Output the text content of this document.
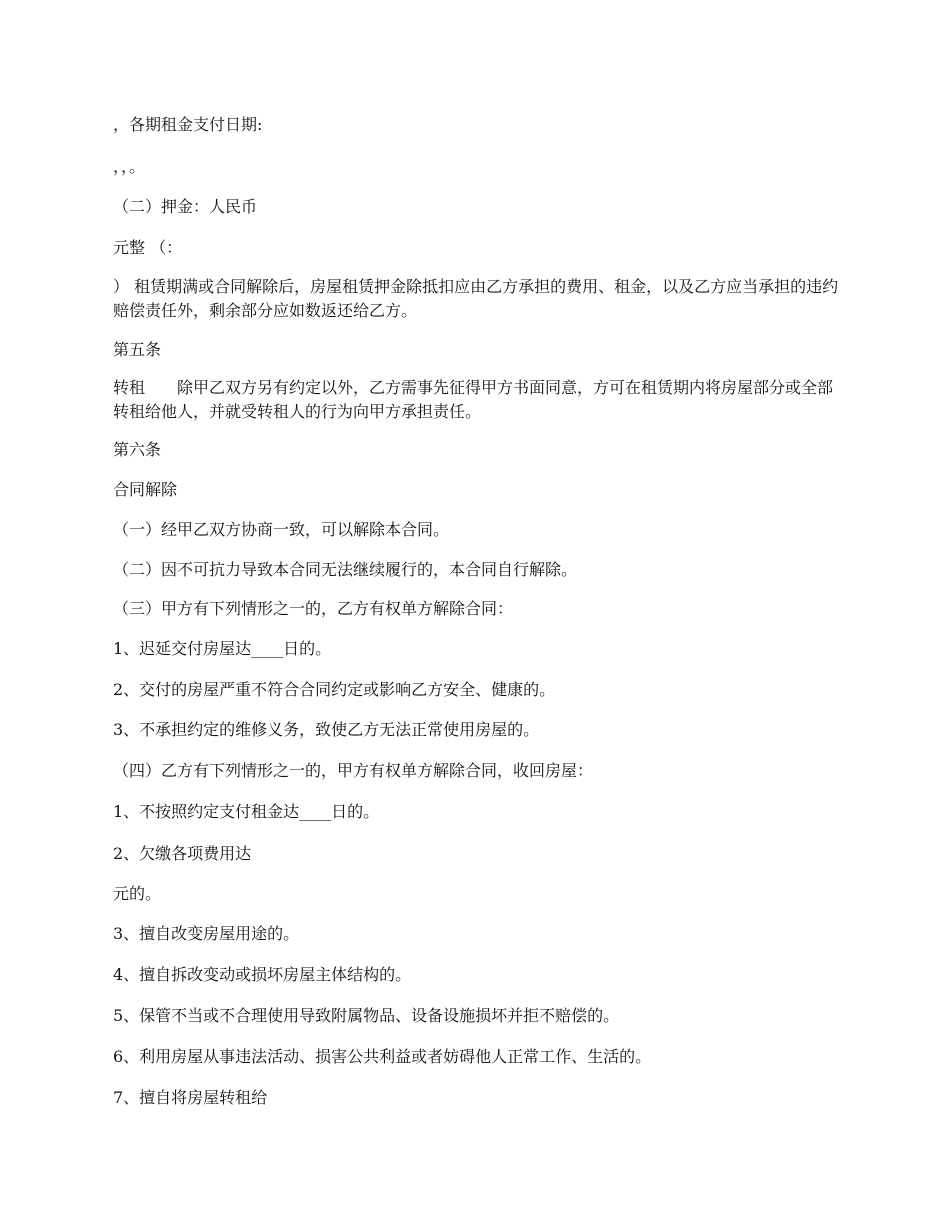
，各期租金支付日期:

，，。

（二）押金：人民币

元整 （：

） 租赁期满或合同解除后，房屋租赁押金除抵扣应由乙方承担的费用、租金，以及乙方应当承担的违约赔偿责任外，剩余部分应如数返还给乙方。

第五条

转租　　除甲乙双方另有约定以外，乙方需事先征得甲方书面同意，方可在租赁期内将房屋部分或全部转租给他人，并就受转租人的行为向甲方承担责任。

第六条

合同解除

（一）经甲乙双方协商一致，可以解除本合同。

（二）因不可抗力导致本合同无法继续履行的，本合同自行解除。

（三）甲方有下列情形之一的，乙方有权单方解除合同：

1、迟延交付房屋达____日的。

2、交付的房屋严重不符合合同约定或影响乙方安全、健康的。

3、不承担约定的维修义务，致使乙方无法正常使用房屋的。

（四）乙方有下列情形之一的，甲方有权单方解除合同，收回房屋：

1、不按照约定支付租金达____日的。

2、欠缴各项费用达

元的。

3、擅自改变房屋用途的。

4、擅自拆改变动或损坏房屋主体结构的。

5、保管不当或不合理使用导致附属物品、设备设施损坏并拒不赔偿的。

6、利用房屋从事违法活动、损害公共利益或者妨碍他人正常工作、生活的。

7、擅自将房屋转租给
